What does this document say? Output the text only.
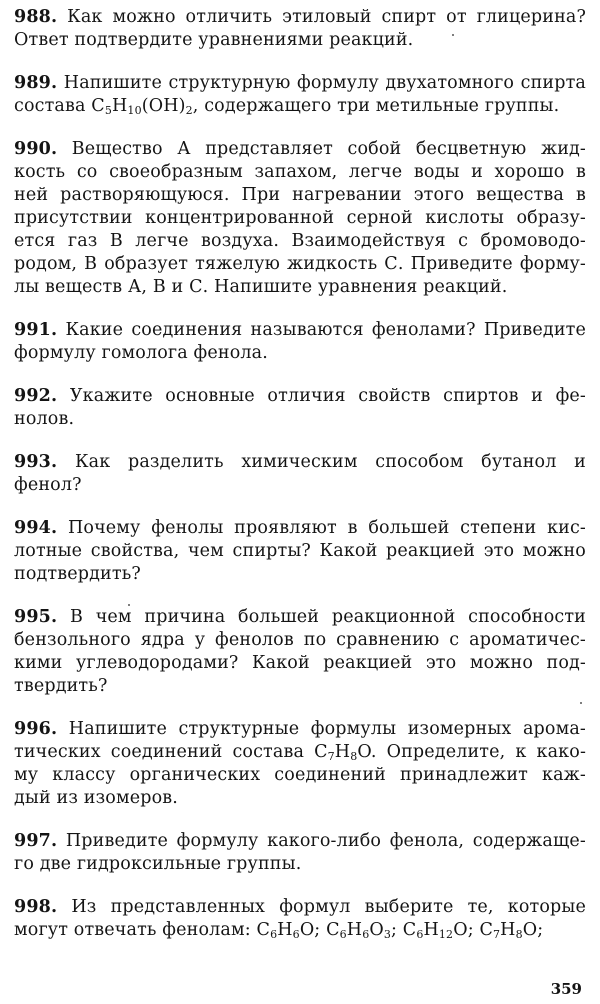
988. Как можно отличить этиловый спирт от глицерина?
Ответ подтвердите уравнениями реакций.
989. Напишите структурную формулу двухатомного спирта
состава $C_5H_{10}(OH)_2$, содержащего три метильные группы.
990. Вещество А представляет собой бесцветную жид-
кость со своеобразным запахом, легче воды и хорошо в
ней растворяющуюся. При нагревании этого вещества в
присутствии концентрированной серной кислоты образу-
ется газ В легче воздуха. Взаимодействуя с бромоводо-
родом, В образует тяжелую жидкость С. Приведите форму-
лы веществ А, В и С. Напишите уравнения реакций.
991. Какие соединения называются фенолами? Приведите
формулу гомолога фенола.
992. Укажите основные отличия свойств спиртов и фе-
нолов.
993. Как разделить химическим способом бутанол и фенол?
994. Почему фенолы проявляют в большей степени кис-
лотные свойства, чем спирты? Какой реакцией это можно
подтвердить?
995. В чем причина большей реакционной способности
бензольного ядра у фенолов по сравнению с ароматичес-
кими углеводородами? Какой реакцией это можно под-
твердить?
996. Напишите структурные формулы изомерных арома-
тических соединений состава $C_7H_8O$. Определите, к како-
му классу органических соединений принадлежит каж-
дый из изомеров.
997. Приведите формулу какого-либо фенола, содержаще-
го две гидроксильные группы.
998. Из представленных формул выберите те, которые
могут отвечать фенолам: $C_6H_6O$; $C_6H_6O_3$; $C_6H_{12}O$; $C_7H_8O$;
359
